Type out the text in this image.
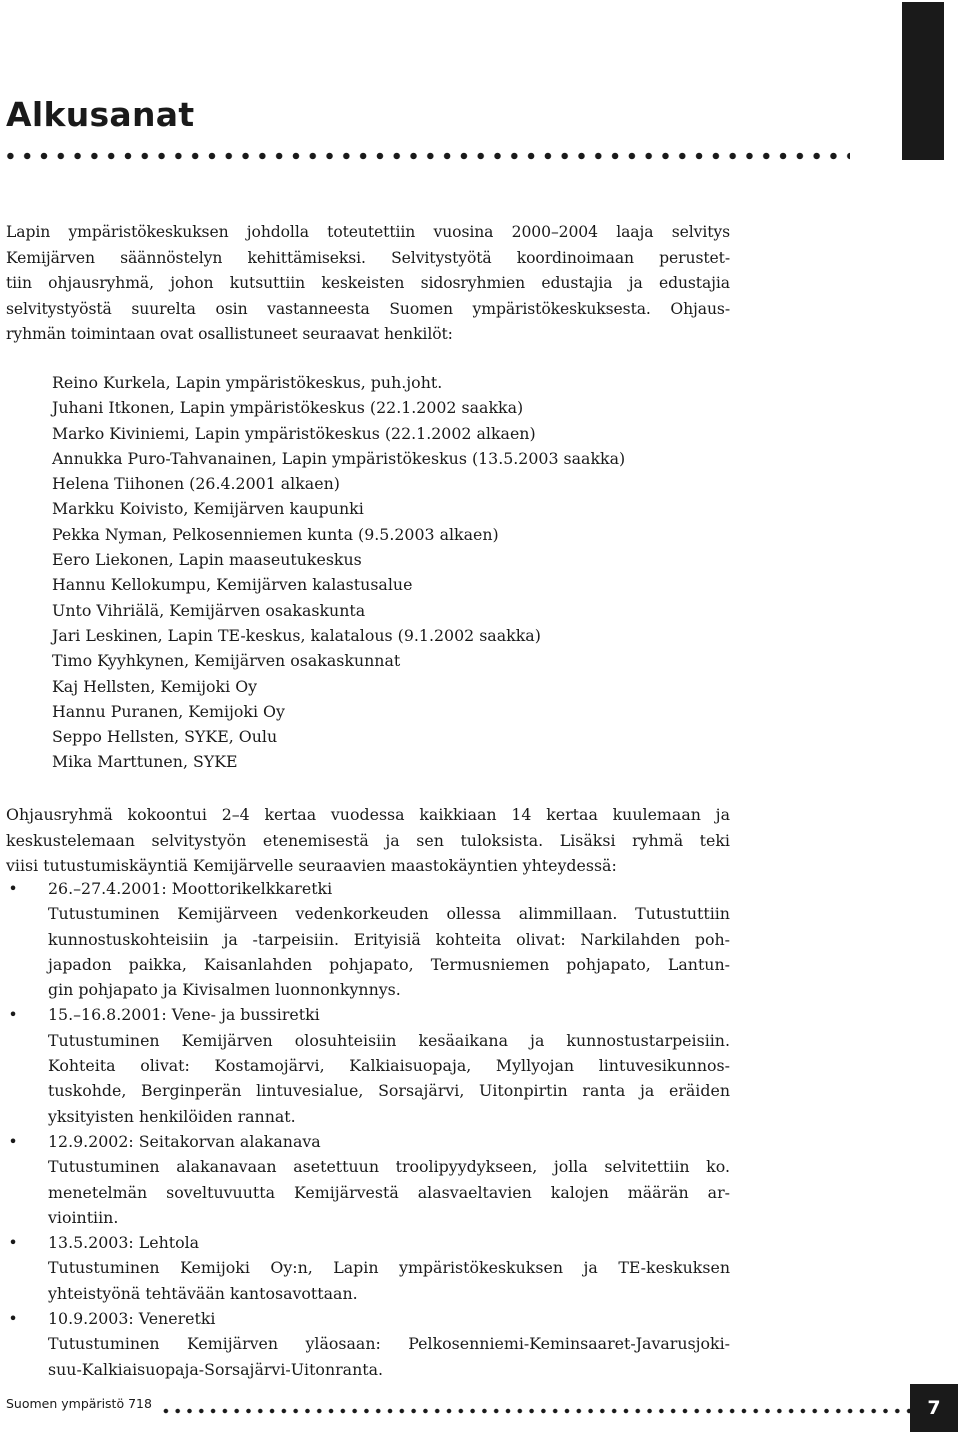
Alkusanat

Lapin ympäristökeskuksen johdolla toteutettiin vuosina 2000–2004 laaja selvitys
Kemijärven säännöstelyn kehittämiseksi. Selvitystyötä koordinoimaan perustet-
tiin ohjausryhmä, johon kutsuttiin keskeisten sidosryhmien edustajia ja edustajia
selvitystyöstä suurelta osin vastanneesta Suomen ympäristökeskuksesta. Ohjaus-
ryhmän toimintaan ovat osallistuneet seuraavat henkilöt:

Reino Kurkela, Lapin ympäristökeskus, puh.joht.
Juhani Itkonen, Lapin ympäristökeskus (22.1.2002 saakka)
Marko Kiviniemi, Lapin ympäristökeskus (22.1.2002 alkaen)
Annukka Puro-Tahvanainen, Lapin ympäristökeskus (13.5.2003 saakka)
Helena Tiihonen (26.4.2001 alkaen)
Markku Koivisto, Kemijärven kaupunki
Pekka Nyman, Pelkosenniemen kunta (9.5.2003 alkaen)
Eero Liekonen, Lapin maaseutukeskus
Hannu Kellokumpu, Kemijärven kalastusalue
Unto Vihriälä, Kemijärven osakaskunta
Jari Leskinen, Lapin TE-keskus, kalatalous (9.1.2002 saakka)
Timo Kyyhkynen, Kemijärven osakaskunnat
Kaj Hellsten, Kemijoki Oy
Hannu Puranen, Kemijoki Oy
Seppo Hellsten, SYKE, Oulu
Mika Marttunen, SYKE

Ohjausryhmä kokoontui 2–4 kertaa vuodessa kaikkiaan 14 kertaa kuulemaan ja
keskustelemaan selvitystyön etenemisestä ja sen tuloksista. Lisäksi ryhmä teki
viisi tutustumiskäyntiä Kemijärvelle seuraavien maastokäyntien yhteydessä:

• 26.–27.4.2001: Moottorikelkkaretki
Tutustuminen Kemijärveen vedenkorkeuden ollessa alimmillaan. Tutustuttiin
kunnostuskohteisiin ja -tarpeisiin. Erityisiä kohteita olivat: Narkilahden poh-
japadon paikka, Kaisanlahden pohjapato, Termusniemen pohjapato, Lantun-
gin pohjapato ja Kivisalmen luonnonkynnys.
• 15.–16.8.2001: Vene- ja bussiretki
Tutustuminen Kemijärven olosuhteisiin kesäaikana ja kunnostustarpeisiin.
Kohteita olivat: Kostamojärvi, Kalkiaisuopaja, Myllyojan lintuvesikunnos-
tuskohde, Berginperän lintuvesialue, Sorsajärvi, Uitonpirtin ranta ja eräiden
yksityisten henkilöiden rannat.
• 12.9.2002: Seitakorvan alakanava
Tutustuminen alakanavaan asetettuun troolipyydykseen, jolla selvitettiin ko.
menetelmän soveltuvuutta Kemijärvestä alasvaeltavien kalojen määrän ar-
viointiin.
• 13.5.2003: Lehtola
Tutustuminen Kemijoki Oy:n, Lapin ympäristökeskuksen ja TE-keskuksen
yhteistyönä tehtävään kantosavottaan.
• 10.9.2003: Veneretki
Tutustuminen Kemijärven yläosaan: Pelkosenniemi-Keminsaaret-Javarusjoki-
suu-Kalkiaisuopaja-Sorsajärvi-Uitonranta.

Suomen ympäristö 718	7
